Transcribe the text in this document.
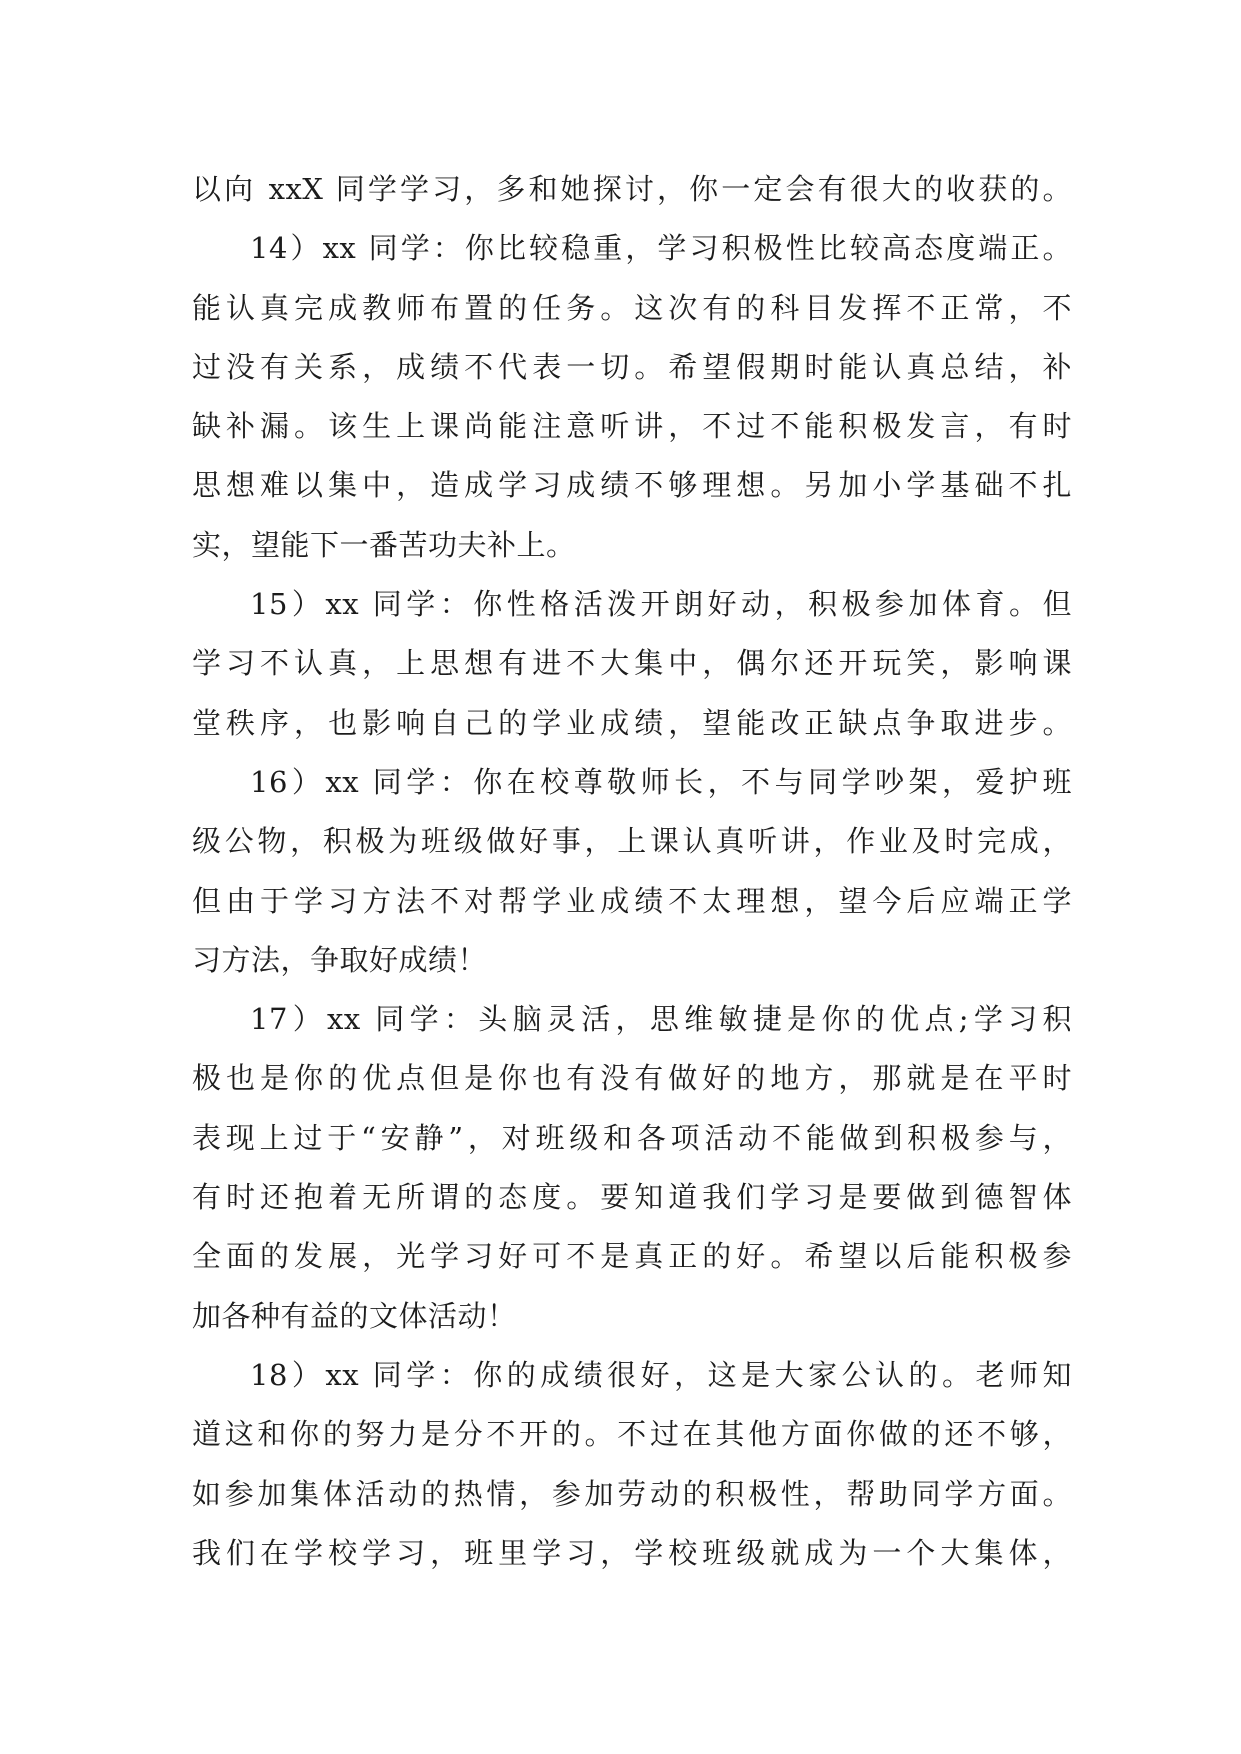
以向 xxX 同学学习，多和她探讨，你一定会有很大的收获的。
14）xx 同学：你比较稳重，学习积极性比较高态度端正。
能认真完成教师布置的任务。这次有的科目发挥不正常，不
过没有关系，成绩不代表一切。希望假期时能认真总结，补
缺补漏。该生上课尚能注意听讲，不过不能积极发言，有时
思想难以集中，造成学习成绩不够理想。另加小学基础不扎
实，望能下一番苦功夫补上。
15）xx 同学：你性格活泼开朗好动，积极参加体育。但
学习不认真，上思想有进不大集中，偶尔还开玩笑，影响课
堂秩序，也影响自己的学业成绩，望能改正缺点争取进步。
16）xx 同学：你在校尊敬师长，不与同学吵架，爱护班
级公物，积极为班级做好事，上课认真听讲，作业及时完成，
但由于学习方法不对帮学业成绩不太理想，望今后应端正学
习方法，争取好成绩！
17）xx 同学：头脑灵活，思维敏捷是你的优点;学习积
极也是你的优点但是你也有没有做好的地方，那就是在平时
表现上过于“安静”，对班级和各项活动不能做到积极参与，
有时还抱着无所谓的态度。要知道我们学习是要做到德智体
全面的发展，光学习好可不是真正的好。希望以后能积极参
加各种有益的文体活动！
18）xx 同学：你的成绩很好，这是大家公认的。老师知
道这和你的努力是分不开的。不过在其他方面你做的还不够，
如参加集体活动的热情，参加劳动的积极性，帮助同学方面。
我们在学校学习，班里学习，学校班级就成为一个大集体，
